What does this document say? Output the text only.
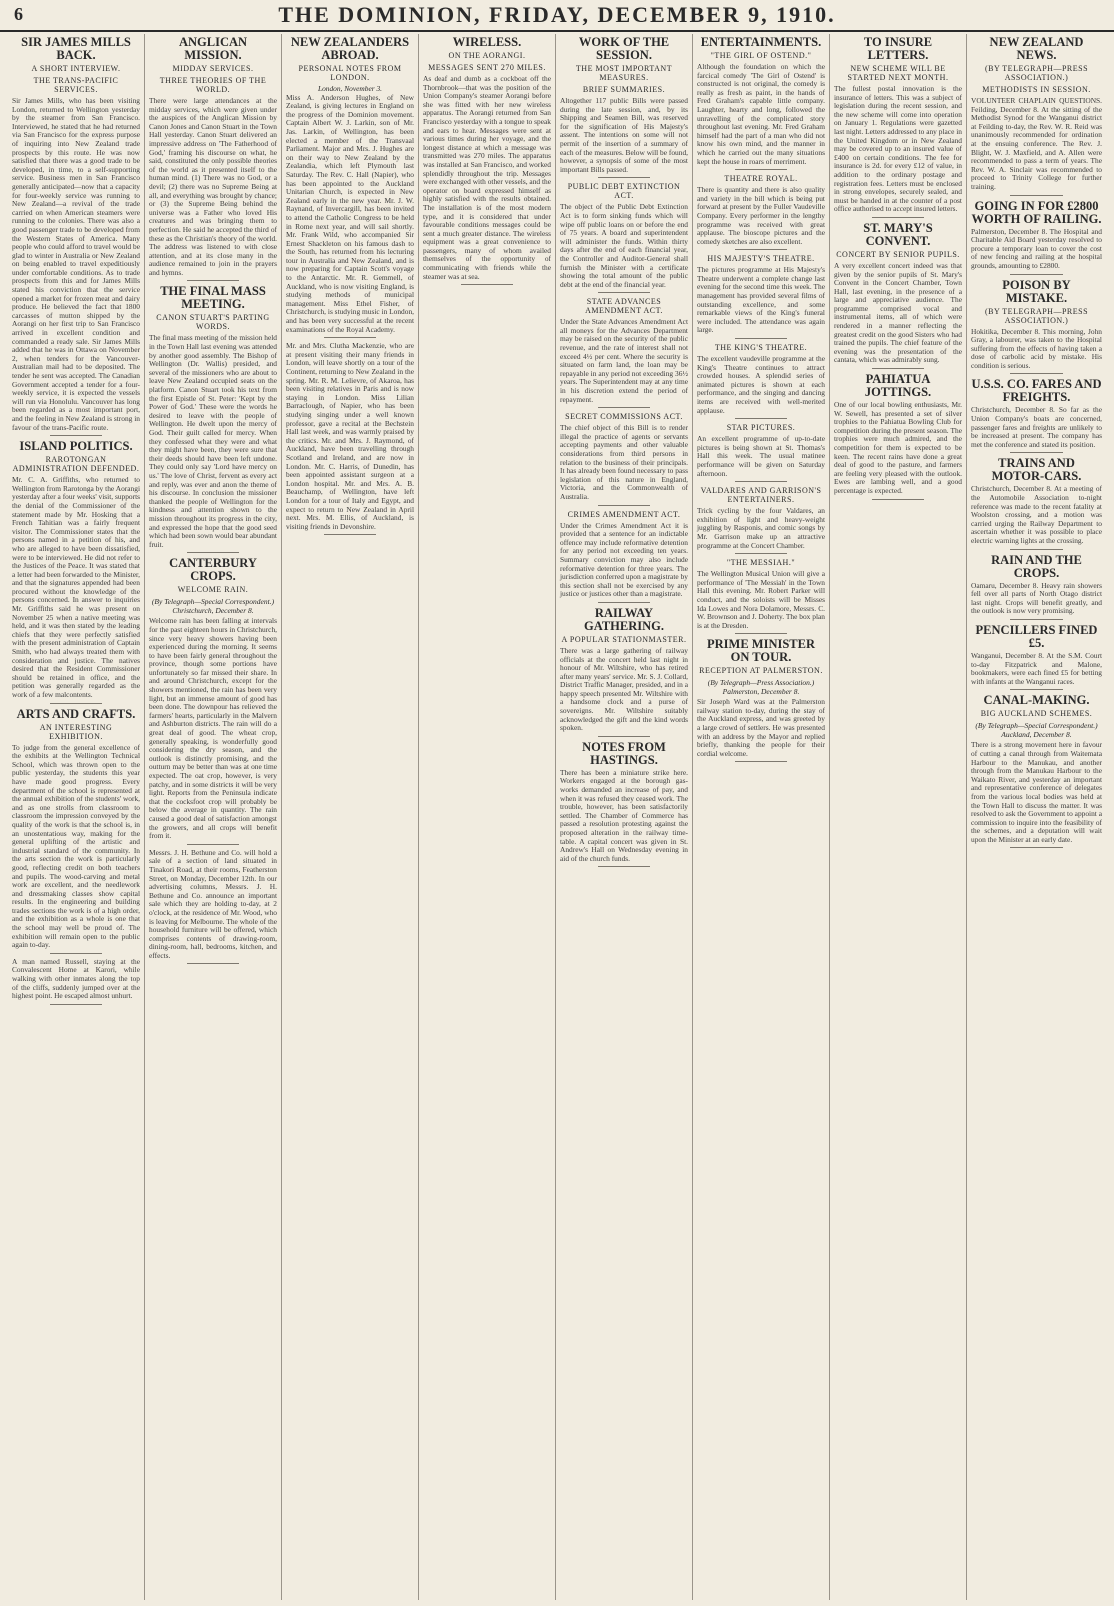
6	THE DOMINION, FRIDAY, DECEMBER 9, 1910.
SIR JAMES MILLS BACK.
A SHORT INTERVIEW.
THE TRANS-PACIFIC SERVICES.
Sir James Mills, who has been visiting London, returned to Wellington yesterday by the steamer from San Francisco. Interviewed, he stated that he had returned via San Francisco for the express purpose of inquiring into New Zealand trade prospects by this route. He was now satisfied that there was a good trade to be developed, in time, to a self-supporting service. Business men in San Francisco generally anticipated—now that a capacity for four-weekly service was running to New Zealand—a revival of the trade carried on when American steamers were running to the colonies. There was also a good passenger trade to be developed from the Western States of America. Many people who could afford to travel would be glad to winter in Australia or New Zealand on being enabled to travel expeditiously under comfortable conditions. As to trade prospects from this and for James Mills stated his conviction that the service opened a market for frozen meat and dairy produce. He believed the fact that 1800 carcasses of mutton shipped by the Aorangi on her first trip to San Francisco arrived in excellent condition and commanded a ready sale. Sir James Mills added that he was in Ottawa on November 2, when tenders for the Vancouver-Australian mail had to be deposited. The tender he sent was accepted. The Canadian Government accepted a tender for a four-weekly service, it is expected the vessels will run via Honolulu. Vancouver has long been regarded as a most important port, and the feeling in New Zealand is strong in favour of the trans-Pacific route.
ISLAND POLITICS.
RAROTONGAN ADMINISTRATION DEFENDED.
Mr. C. A. Griffiths, who returned to Wellington from Rarotonga by the Aorangi yesterday after a four weeks' visit, supports the denial of the Commissioner of the statement made by Mr. Hosking that a French Tahitian was a fairly frequent visitor. The Commissioner states that the persons named in a petition of his, and who are alleged to have been dissatisfied, were to be interviewed. He did not refer to the Justices of the Peace. It was stated that a letter had been forwarded to the Minister, and that the signatures appended had been procured without the knowledge of the persons concerned. In answer to inquiries Mr. Griffiths said he was present on November 25 when a native meeting was held, and it was then stated by the leading chiefs that they were perfectly satisfied with the present administration of Captain Smith, who had always treated them with consideration and justice. The natives desired that the Resident Commissioner should be retained in office, and the petition was generally regarded as the work of a few malcontents.
ARTS AND CRAFTS.
AN INTERESTING EXHIBITION.
To judge from the general excellence of the exhibits at the Wellington Technical School, which was thrown open to the public yesterday, the students this year have made good progress. Every department of the school is represented at the annual exhibition of the students' work, and as one strolls from classroom to classroom the impression conveyed by the quality of the work is that the school is, in an unostentatious way, making for the general uplifting of the artistic and industrial standard of the community. In the arts section the work is particularly good, reflecting credit on both teachers and pupils. The wood-carving and metal work are excellent, and the needlework and dressmaking classes show capital results. In the engineering and building trades sections the work is of a high order, and the exhibition as a whole is one that the school may well be proud of. The exhibition will remain open to the public again to-day.
A man named Russell, staying at the Convalescent Home at Karori, while walking with other inmates along the top of the cliffs, suddenly jumped over at the highest point. He escaped almost unhurt.
ANGLICAN MISSION.
MIDDAY SERVICES.
THREE THEORIES OF THE WORLD.
There were large attendances at the midday services, which were given under the auspices of the Anglican Mission by Canon Jones and Canon Stuart in the Town Hall yesterday. Canon Stuart delivered an impressive address on 'The Fatherhood of God,' framing his discourse on what, he said, constituted the only possible theories of the world as it presented itself to the human mind. (1) There was no God, or a devil; (2) there was no Supreme Being at all, and everything was brought by chance; or (3) the Supreme Being behind the universe was a Father who loved His creatures and was bringing them to perfection. He said he accepted the third of these as the Christian's theory of the world. The address was listened to with close attention, and at its close many in the audience remained to join in the prayers and hymns.
THE FINAL MASS MEETING.
CANON STUART'S PARTING WORDS.
The final mass meeting of the mission held in the Town Hall last evening was attended by another good assembly. The Bishop of Wellington (Dr. Wallis) presided, and several of the missioners who are about to leave New Zealand occupied seats on the platform. Canon Stuart took his text from the first Epistle of St. Peter: 'Kept by the Power of God.' These were the words he desired to leave with the people of Wellington. He dwelt upon the mercy of God. Their guilt called for mercy. When they confessed what they were and what they might have been, they were sure that their deeds should have been left undone. They could only say 'Lord have mercy on us.' The love of Christ, fervent as every act and reply, was ever and anon the theme of his discourse. In conclusion the missioner thanked the people of Wellington for the kindness and attention shown to the mission throughout its progress in the city, and expressed the hope that the good seed which had been sown would bear abundant fruit.
CANTERBURY CROPS.
WELCOME RAIN.
(By Telegraph—Special Correspondent.) Christchurch, December 8.
Welcome rain has been falling at intervals for the past eighteen hours in Christchurch, since very heavy showers having been experienced during the morning. It seems to have been fairly general throughout the province, though some portions have unfortunately so far missed their share. In and around Christchurch, except for the showers mentioned, the rain has been very light, but an immense amount of good has been done. The downpour has relieved the farmers' hearts, particularly in the Malvern and Ashburton districts. The rain will do a great deal of good. The wheat crop, generally speaking, is wonderfully good considering the dry season, and the outlook is distinctly promising, and the outturn may be better than was at one time expected. The oat crop, however, is very patchy, and in some districts it will be very light. Reports from the Peninsula indicate that the cocksfoot crop will probably be below the average in quantity. The rain caused a good deal of satisfaction amongst the growers, and all crops will benefit from it.
Messrs. J. H. Bethune and Co. will hold a sale of a section of land situated in Tinakori Road, at their rooms, Featherston Street, on Monday, December 12th. In our advertising columns, Messrs. J. H. Bethune and Co. announce an important sale which they are holding to-day, at 2 o'clock, at the residence of Mr. Wood, who is leaving for Melbourne. The whole of the household furniture will be offered, which comprises contents of drawing-room, dining-room, hall, bedrooms, kitchen, and effects.
NEW ZEALANDERS ABROAD.
PERSONAL NOTES FROM LONDON.
London, November 3.
Miss A. Anderson Hughes, of New Zealand, is giving lectures in England on the progress of the Dominion movement. Captain Albert W. J. Larkin, son of Mr. Jas. Larkin, of Wellington, has been elected a member of the Transvaal Parliament. Major and Mrs. J. Hughes are on their way to New Zealand by the Zealandia, which left Plymouth last Saturday. The Rev. C. Hall (Napier), who has been appointed to the Auckland Unitarian Church, is expected in New Zealand early in the new year. Mr. J. W. Raynand, of Invercargill, has been invited to attend the Catholic Congress to be held in Rome next year, and will sail shortly. Mr. Frank Wild, who accompanied Sir Ernest Shackleton on his famous dash to the South, has returned from his lecturing tour in Australia and New Zealand, and is now preparing for Captain Scott's voyage to the Antarctic. Mr. R. Gemmell, of Auckland, who is now visiting England, is studying methods of municipal management. Miss Ethel Fisher, of Christchurch, is studying music in London, and has been very successful at the recent examinations of the Royal Academy.
Mr. and Mrs. Clutha Mackenzie, who are at present visiting their many friends in London, will leave shortly on a tour of the Continent, returning to New Zealand in the spring. Mr. R. M. Lelievre, of Akaroa, has been visiting relatives in Paris and is now staying in London. Miss Lilian Barraclough, of Napier, who has been studying singing under a well known professor, gave a recital at the Bechstein Hall last week, and was warmly praised by the critics. Mr. and Mrs. J. Raymond, of Auckland, have been travelling through Scotland and Ireland, and are now in London. Mr. C. Harris, of Dunedin, has been appointed assistant surgeon at a London hospital. Mr. and Mrs. A. B. Beauchamp, of Wellington, have left London for a tour of Italy and Egypt, and expect to return to New Zealand in April next. Mrs. M. Ellis, of Auckland, is visiting friends in Devonshire.
WIRELESS.
ON THE AORANGI.
MESSAGES SENT 270 MILES.
As deaf and dumb as a cockboat off the Thornbrook—that was the position of the Union Company's steamer Aorangi before she was fitted with her new wireless apparatus. The Aorangi returned from San Francisco yesterday with a tongue to speak and ears to hear. Messages were sent at various times during her voyage, and the longest distance at which a message was transmitted was 270 miles. The apparatus was installed at San Francisco, and worked splendidly throughout the trip. Messages were exchanged with other vessels, and the operator on board expressed himself as highly satisfied with the results obtained. The installation is of the most modern type, and it is considered that under favourable conditions messages could be sent a much greater distance. The wireless equipment was a great convenience to passengers, many of whom availed themselves of the opportunity of communicating with friends while the steamer was at sea.
WORK OF THE SESSION.
THE MOST IMPORTANT MEASURES.
BRIEF SUMMARIES.
Altogether 117 public Bills were passed during the late session, and, by its Shipping and Seamen Bill, was reserved for the signification of His Majesty's assent. The intentions on some will not permit of the insertion of a summary of each of the measures. Below will be found, however, a synopsis of some of the most important Bills passed.
PUBLIC DEBT EXTINCTION ACT.
The object of the Public Debt Extinction Act is to form sinking funds which will wipe off public loans on or before the end of 75 years. A board and superintendent will administer the funds. Within thirty days after the end of each financial year, the Controller and Auditor-General shall furnish the Minister with a certificate showing the total amount of the public debt at the end of the financial year.
STATE ADVANCES AMENDMENT ACT.
Under the State Advances Amendment Act all moneys for the Advances Department may be raised on the security of the public revenue, and the rate of interest shall not exceed 4½ per cent. Where the security is situated on farm land, the loan may be repayable in any period not exceeding 36½ years. The Superintendent may at any time in his discretion extend the period of repayment.
SECRET COMMISSIONS ACT.
The chief object of this Bill is to render illegal the practice of agents or servants accepting payments and other valuable considerations from third persons in relation to the business of their principals. It has already been found necessary to pass legislation of this nature in England, Victoria, and the Commonwealth of Australia.
CRIMES AMENDMENT ACT.
Under the Crimes Amendment Act it is provided that a sentence for an indictable offence may include reformative detention for any period not exceeding ten years. Summary conviction may also include reformative detention for three years. The jurisdiction conferred upon a magistrate by this section shall not be exercised by any justice or justices other than a magistrate.
RAILWAY GATHERING.
A POPULAR STATIONMASTER.
There was a large gathering of railway officials at the concert held last night in honour of Mr. Wiltshire, who has retired after many years' service. Mr. S. J. Collard, District Traffic Manager, presided, and in a happy speech presented Mr. Wiltshire with a handsome clock and a purse of sovereigns. Mr. Wiltshire suitably acknowledged the gift and the kind words spoken.
NOTES FROM HASTINGS.
There has been a miniature strike here. Workers engaged at the borough gas-works demanded an increase of pay, and when it was refused they ceased work. The trouble, however, has been satisfactorily settled. The Chamber of Commerce has passed a resolution protesting against the proposed alteration in the railway time-table. A capital concert was given in St. Andrew's Hall on Wednesday evening in aid of the church funds.
ENTERTAINMENTS.
"THE GIRL OF OSTEND."
Although the foundation on which the farcical comedy 'The Girl of Ostend' is constructed is not original, the comedy is really as fresh as paint, in the hands of Fred Graham's capable little company. Laughter, hearty and long, followed the unravelling of the complicated story throughout last evening. Mr. Fred Graham himself had the part of a man who did not know his own mind, and the manner in which he carried out the many situations kept the house in roars of merriment.
THEATRE ROYAL.
There is quantity and there is also quality and variety in the bill which is being put forward at present by the Fuller Vaudeville Company. Every performer in the lengthy programme was received with great applause. The bioscope pictures and the comedy sketches are also excellent.
HIS MAJESTY'S THEATRE.
The pictures programme at His Majesty's Theatre underwent a complete change last evening for the second time this week. The management has provided several films of outstanding excellence, and some remarkable views of the King's funeral were included. The attendance was again large.
THE KING'S THEATRE.
The excellent vaudeville programme at the King's Theatre continues to attract crowded houses. A splendid series of animated pictures is shown at each performance, and the singing and dancing items are received with well-merited applause.
STAR PICTURES.
An excellent programme of up-to-date pictures is being shown at St. Thomas's Hall this week. The usual matinee performance will be given on Saturday afternoon.
VALDARES AND GARRISON'S ENTERTAINERS.
Trick cycling by the four Valdares, an exhibition of light and heavy-weight juggling by Rasponis, and comic songs by Mr. Garrison make up an attractive programme at the Concert Chamber.
"THE MESSIAH."
The Wellington Musical Union will give a performance of 'The Messiah' in the Town Hall this evening. Mr. Robert Parker will conduct, and the soloists will be Misses Ida Lowes and Nora Dolamore, Messrs. C. W. Brownson and J. Doherty. The box plan is at the Dresden.
PRIME MINISTER ON TOUR.
RECEPTION AT PALMERSTON.
(By Telegraph—Press Association.) Palmerston, December 8.
Sir Joseph Ward was at the Palmerston railway station to-day, during the stay of the Auckland express, and was greeted by a large crowd of settlers. He was presented with an address by the Mayor and replied briefly, thanking the people for their cordial welcome.
TO INSURE LETTERS.
NEW SCHEME WILL BE STARTED NEXT MONTH.
The fullest postal innovation is the insurance of letters. This was a subject of legislation during the recent session, and the new scheme will come into operation on January 1. Regulations were gazetted last night. Letters addressed to any place in the United Kingdom or in New Zealand may be covered up to an insured value of £400 on certain conditions. The fee for insurance is 2d. for every £12 of value, in addition to the ordinary postage and registration fees. Letters must be enclosed in strong envelopes, securely sealed, and must be handed in at the counter of a post office authorised to accept insured letters.
ST. MARY'S CONVENT.
CONCERT BY SENIOR PUPILS.
A very excellent concert indeed was that given by the senior pupils of St. Mary's Convent in the Concert Chamber, Town Hall, last evening, in the presence of a large and appreciative audience. The programme comprised vocal and instrumental items, all of which were rendered in a manner reflecting the greatest credit on the good Sisters who had trained the pupils. The chief feature of the evening was the presentation of the cantata, which was admirably sung.
PAHIATUA JOTTINGS.
One of our local bowling enthusiasts, Mr. W. Sewell, has presented a set of silver trophies to the Pahiatua Bowling Club for competition during the present season. The trophies were much admired, and the competition for them is expected to be keen. The recent rains have done a great deal of good to the pasture, and farmers are feeling very pleased with the outlook. Ewes are lambing well, and a good percentage is expected.
NEW ZEALAND NEWS.
(BY TELEGRAPH—PRESS ASSOCIATION.)
METHODISTS IN SESSION.
VOLUNTEER CHAPLAIN QUESTIONS. Feilding, December 8. At the sitting of the Methodist Synod for the Wanganui district at Feilding to-day, the Rev. W. R. Reid was unanimously recommended for ordination at the ensuing conference. The Rev. J. Blight, W. J. Maxfield, and A. Allen were recommended to pass a term of years. The Rev. W. A. Sinclair was recommended to proceed to Trinity College for further training.
GOING IN FOR £2800 WORTH OF RAILING.
Palmerston, December 8. The Hospital and Charitable Aid Board yesterday resolved to procure a temporary loan to cover the cost of new fencing and railing at the hospital grounds, amounting to £2800.
POISON BY MISTAKE.
(BY TELEGRAPH—PRESS ASSOCIATION.)
Hokitika, December 8. This morning, John Gray, a labourer, was taken to the Hospital suffering from the effects of having taken a dose of carbolic acid by mistake. His condition is serious.
U.S.S. CO. FARES AND FREIGHTS.
Christchurch, December 8. So far as the Union Company's boats are concerned, passenger fares and freights are unlikely to be increased at present. The company has met the conference and stated its position.
TRAINS AND MOTOR-CARS.
Christchurch, December 8. At a meeting of the Automobile Association to-night reference was made to the recent fatality at Woolston crossing, and a motion was carried urging the Railway Department to ascertain whether it was possible to place electric warning lights at the crossing.
RAIN AND THE CROPS.
Oamaru, December 8. Heavy rain showers fell over all parts of North Otago district last night. Crops will benefit greatly, and the outlook is now very promising.
PENCILLERS FINED £5.
Wanganui, December 8. At the S.M. Court to-day Fitzpatrick and Malone, bookmakers, were each fined £5 for betting with infants at the Wanganui races.
CANAL-MAKING.
BIG AUCKLAND SCHEMES.
(By Telegraph—Special Correspondent.) Auckland, December 8.
There is a strong movement here in favour of cutting a canal through from Waitemata Harbour to the Manukau, and another through from the Manukau Harbour to the Waikato River, and yesterday an important and representative conference of delegates from the various local bodies was held at the Town Hall to discuss the matter. It was resolved to ask the Government to appoint a commission to inquire into the feasibility of the schemes, and a deputation will wait upon the Minister at an early date.
